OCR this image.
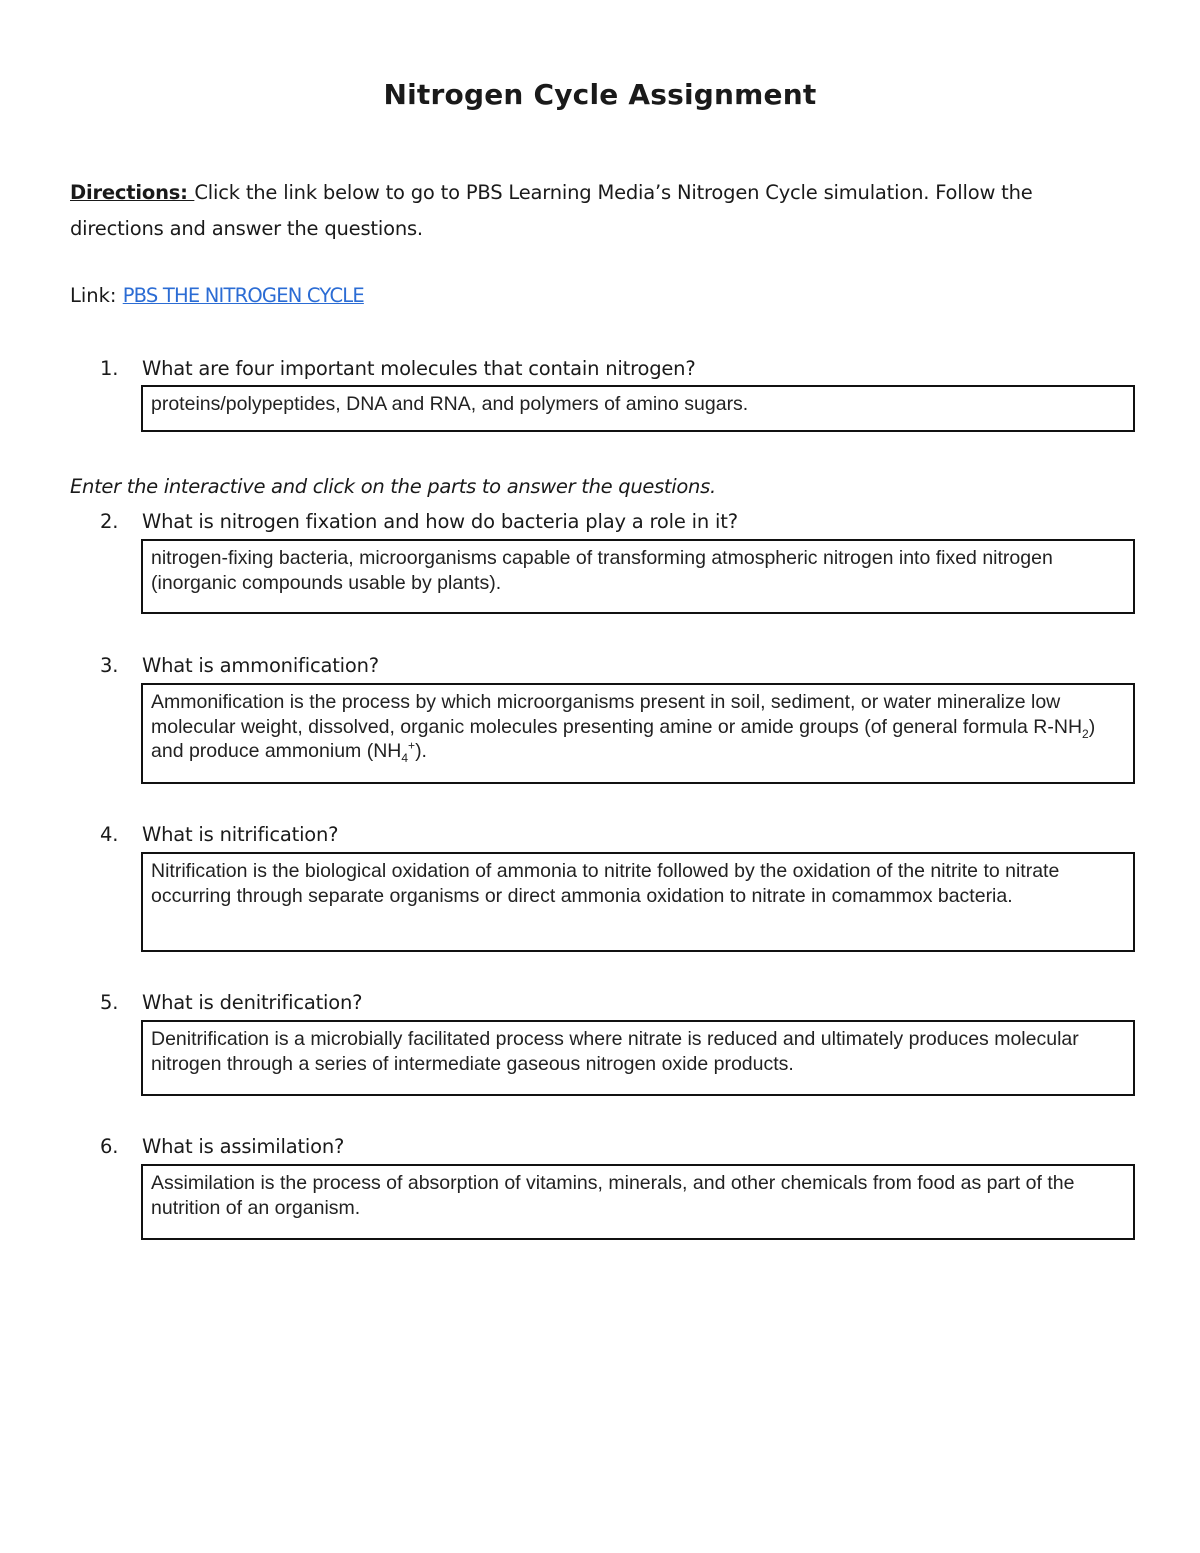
Nitrogen Cycle Assignment
Directions: Click the link below to go to PBS Learning Media’s Nitrogen Cycle simulation. Follow the directions and answer the questions.
Link: PBS THE NITROGEN CYCLE
1. What are four important molecules that contain nitrogen?
proteins/polypeptides, DNA and RNA, and polymers of amino sugars.
Enter the interactive and click on the parts to answer the questions.
2. What is nitrogen fixation and how do bacteria play a role in it?
nitrogen-fixing bacteria, microorganisms capable of transforming atmospheric nitrogen into fixed nitrogen (inorganic compounds usable by plants).
3. What is ammonification?
Ammonification is the process by which microorganisms present in soil, sediment, or water mineralize low molecular weight, dissolved, organic molecules presenting amine or amide groups (of general formula $R-NH_2$) and produce ammonium $(NH_4^+)$.
4. What is nitrification?
Nitrification is the biological oxidation of ammonia to nitrite followed by the oxidation of the nitrite to nitrate occurring through separate organisms or direct ammonia oxidation to nitrate in comammox bacteria.
5. What is denitrification?
Denitrification is a microbially facilitated process where nitrate is reduced and ultimately produces molecular nitrogen through a series of intermediate gaseous nitrogen oxide products.
6. What is assimilation?
Assimilation is the process of absorption of vitamins, minerals, and other chemicals from food as part of the nutrition of an organism.
